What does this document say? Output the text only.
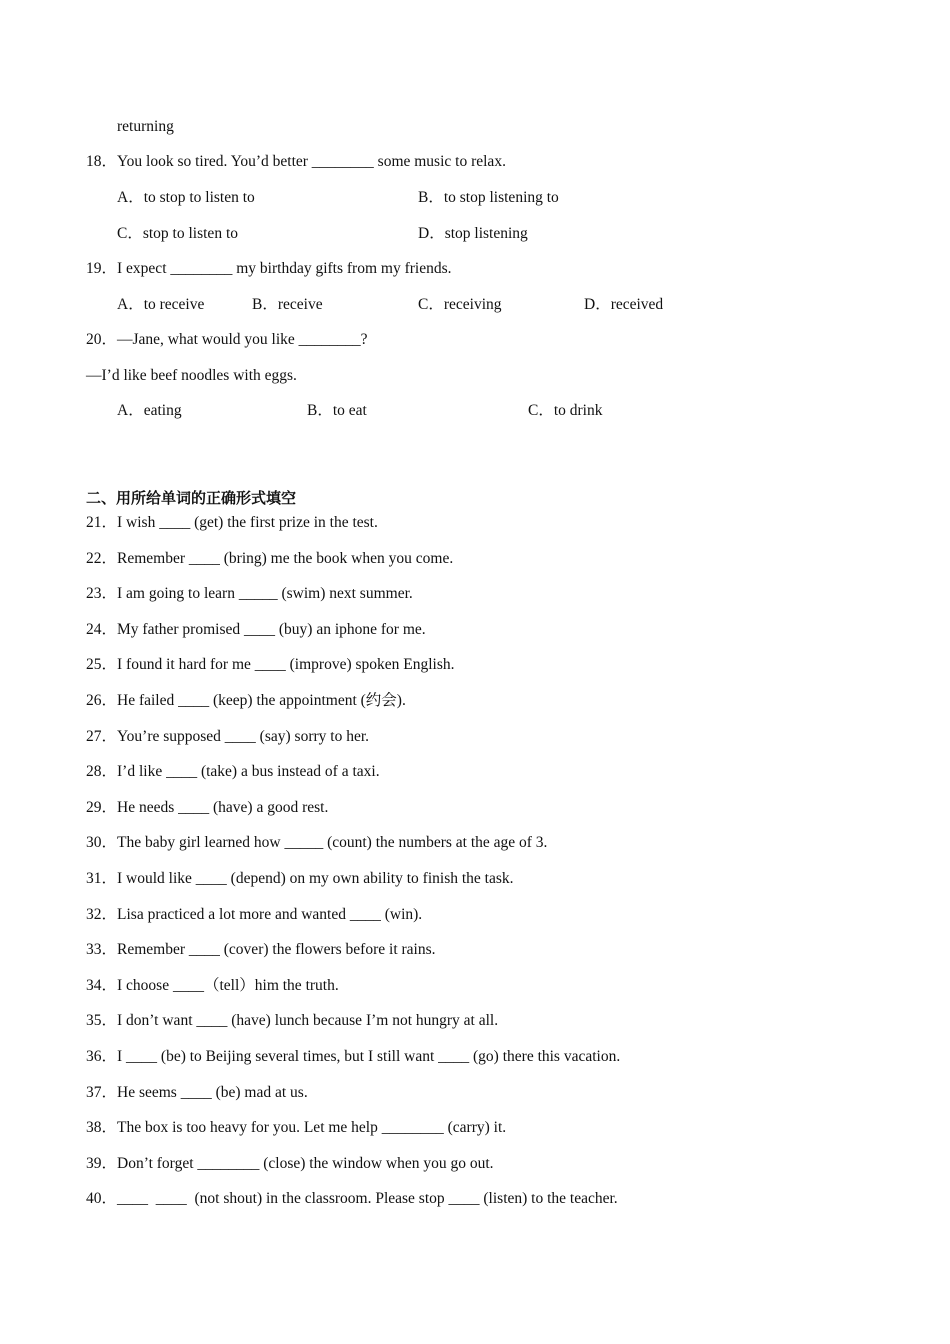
returning
18．You look so tired. You’d better ________ some music to relax.
A．to stop to listen to	B．to stop listening to
C．stop to listen to	D．stop listening
19．I expect ________ my birthday gifts from my friends.
A．to receive	B．receive	C．receiving	D．received
20．—Jane, what would you like ________?
—I’d like beef noodles with eggs.
A．eating	B．to eat	C．to drink
二、用所给单词的正确形式填空
21．I wish ____ (get) the first prize in the test.
22．Remember ____ (bring) me the book when you come.
23．I am going to learn _____ (swim) next summer.
24．My father promised ____ (buy) an iphone for me.
25．I found it hard for me ____ (improve) spoken English.
26．He failed ____ (keep) the appointment (约会).
27．You’re supposed ____ (say) sorry to her.
28．I’d like ____ (take) a bus instead of a taxi.
29．He needs ____ (have) a good rest.
30．The baby girl learned how _____ (count) the numbers at the age of 3.
31．I would like ____ (depend) on my own ability to finish the task.
32．Lisa practiced a lot more and wanted ____ (win).
33．Remember ____ (cover) the flowers before it rains.
34．I choose ____（tell）him the truth.
35．I don’t want ____ (have) lunch because I’m not hungry at all.
36．I ____ (be) to Beijing several times, but I still want ____ (go) there this vacation.
37．He seems ____ (be) mad at us.
38．The box is too heavy for you. Let me help ________ (carry) it.
39．Don’t forget ________ (close) the window when you go out.
40．____  ____  (not shout) in the classroom. Please stop ____ (listen) to the teacher.
